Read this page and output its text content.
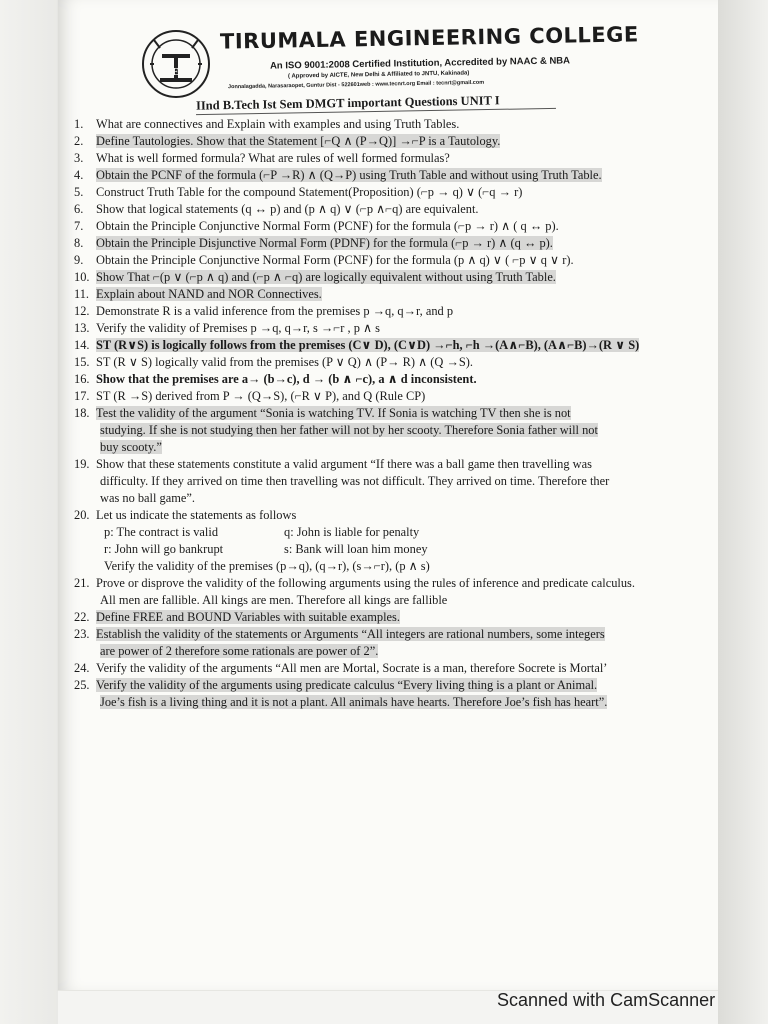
TEC
TIRUMALA ENGINEERING COLLEGE
An ISO 9001:2008 Certified Institution, Accredited by NAAC & NBA
( Approved by AICTE, New Delhi & Affiliated to JNTU, Kakinada)
Jonnalagadda, Narasaraopet, Guntur Dist - 522601web : www.tecnrt.org Email : tecnrt@gmail.com
IInd B.Tech Ist Sem DMGT important Questions UNIT I
1. What are connectives and Explain with examples and using Truth Tables.
2. Define Tautologies. Show that the Statement [⌐Q ∧ (P→Q)] →⌐P is a Tautology.
3. What is well formed formula? What are rules of well formed formulas?
4. Obtain the PCNF of the formula (⌐P →R) ∧ (Q→P) using Truth Table and without using Truth Table.
5. Construct Truth Table for the compound Statement(Proposition) (⌐p → q) ∨ (⌐q → r)
6. Show that logical statements (q ↔ p) and (p ∧ q) ∨ (⌐p ∧⌐q) are equivalent.
7. Obtain the Principle Conjunctive Normal Form (PCNF) for the formula (⌐p → r) ∧ ( q ↔ p).
8. Obtain the Principle Disjunctive Normal Form (PDNF) for the formula (⌐p → r) ∧ (q ↔ p).
9. Obtain the Principle Conjunctive Normal Form (PCNF) for the formula (p ∧ q) ∨ ( ⌐p ∨ q ∨ r).
10. Show That ⌐(p ∨ (⌐p ∧ q) and (⌐p ∧ ⌐q) are logically equivalent without using Truth Table.
11. Explain about NAND and NOR Connectives.
12. Demonstrate R is a valid inference from the premises p →q, q→r, and p
13. Verify the validity of Premises p →q, q→r, s →⌐r , p ∧ s
14. ST (R∨S) is logically follows from the premises (C∨ D), (C∨D) →⌐h, ⌐h →(A∧⌐B), (A∧⌐B)→(R ∨ S)
15. ST (R ∨ S) logically valid from the premises (P ∨ Q) ∧ (P→ R) ∧ (Q →S).
16. Show that the premises are a→ (b→c), d → (b ∧ ⌐c), a ∧ d inconsistent.
17. ST (R →S) derived from P → (Q→S), (⌐R ∨ P), and Q (Rule CP)
18. Test the validity of the argument “Sonia is watching TV. If Sonia is watching TV then she is not
studying. If she is not studying then her father will not by her scooty. Therefore Sonia father will not
buy scooty.”
19. Show that these statements constitute a valid argument “If there was a ball game then travelling was
difficulty. If they arrived on time then travelling was not difficult. They arrived on time. Therefore ther
was no ball game”.
20. Let us indicate the statements as follows
p: The contract is valid	q: John is liable for penalty
r: John will go bankrupt	s: Bank will loan him money
Verify the validity of the premises (p→q), (q→r), (s→⌐r), (p ∧ s)
21. Prove or disprove the validity of the following arguments using the rules of inference and predicate calculus.
All men are fallible. All kings are men. Therefore all kings are fallible
22. Define FREE and BOUND Variables with suitable examples.
23. Establish the validity of the statements or Arguments “All integers are rational numbers, some integers
are power of 2 therefore some rationals are power of 2”.
24. Verify the validity of the arguments “All men are Mortal, Socrate is a man, therefore Socrete is Mortal’
25. Verify the validity of the arguments using predicate calculus “Every living thing is a plant or Animal.
Joe’s fish is a living thing and it is not a plant. All animals have hearts. Therefore Joe’s fish has heart”.
Scanned with CamScanner
